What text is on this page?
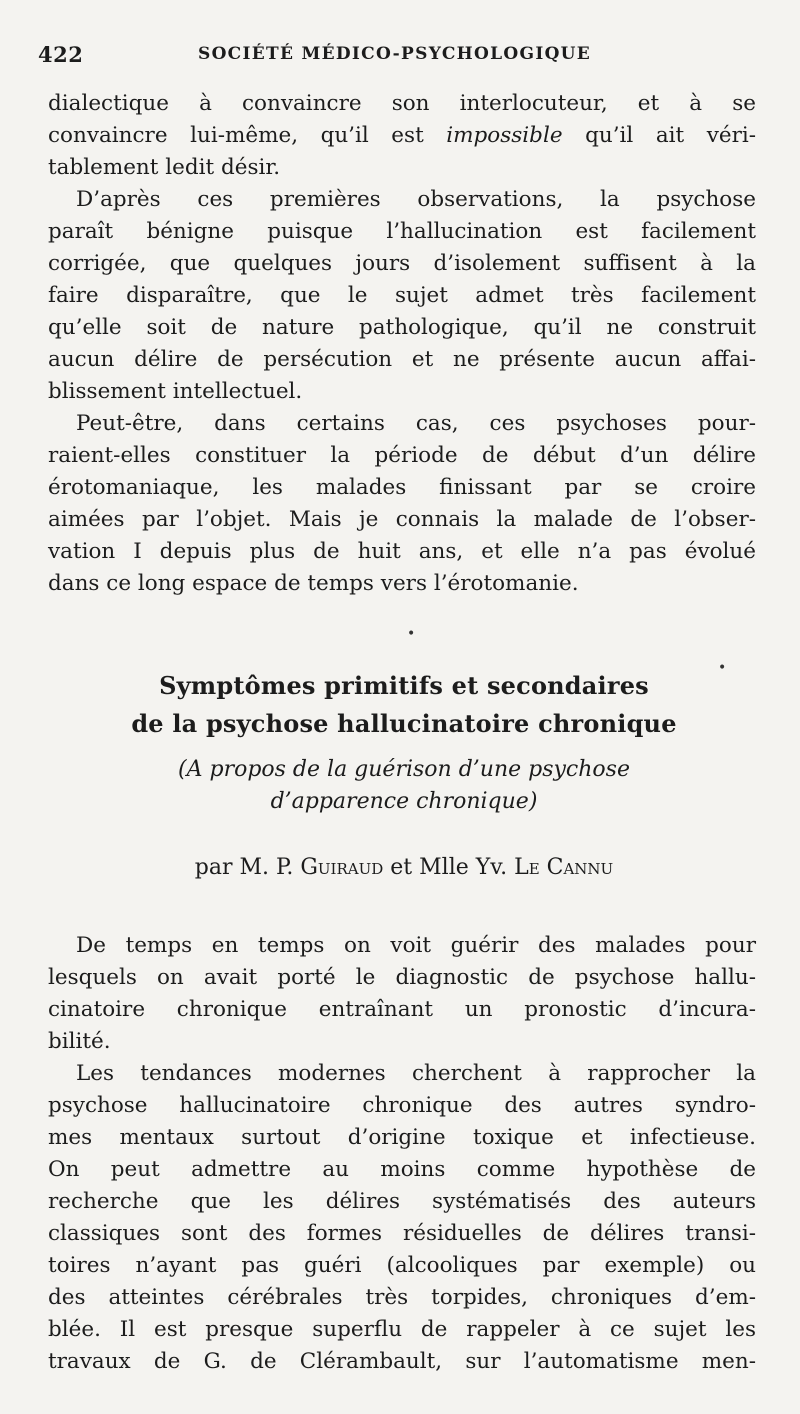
422	SOCIÉTÉ MÉDICO-PSYCHOLOGIQUE
dialectique à convaincre son interlocuteur, et à se
convaincre lui-même, qu’il est impossible qu’il ait véri-
tablement ledit désir.
D’après ces premières observations, la psychose
paraît bénigne puisque l’hallucination est facilement
corrigée, que quelques jours d’isolement suffisent à la
faire disparaître, que le sujet admet très facilement
qu’elle soit de nature pathologique, qu’il ne construit
aucun délire de persécution et ne présente aucun affai-
blissement intellectuel.
Peut-être, dans certains cas, ces psychoses pour-
raient-elles constituer la période de début d’un délire
érotomaniaque, les malades finissant par se croire
aimées par l’objet. Mais je connais la malade de l’obser-
vation I depuis plus de huit ans, et elle n’a pas évolué
dans ce long espace de temps vers l’érotomanie.
•
•
Symptômes primitifs et secondaires
de la psychose hallucinatoire chronique
(A propos de la guérison d’une psychose
d’apparence chronique)
par M. P. Guiraud et Mlle Yv. Le Cannu
De temps en temps on voit guérir des malades pour
lesquels on avait porté le diagnostic de psychose hallu-
cinatoire chronique entraînant un pronostic d’incura-
bilité.
Les tendances modernes cherchent à rapprocher la
psychose hallucinatoire chronique des autres syndro-
mes mentaux surtout d’origine toxique et infectieuse.
On peut admettre au moins comme hypothèse de
recherche que les délires systématisés des auteurs
classiques sont des formes résiduelles de délires transi-
toires n’ayant pas guéri (alcooliques par exemple) ou
des atteintes cérébrales très torpides, chroniques d’em-
blée. Il est presque superflu de rappeler à ce sujet les
travaux de G. de Clérambault, sur l’automatisme men-
